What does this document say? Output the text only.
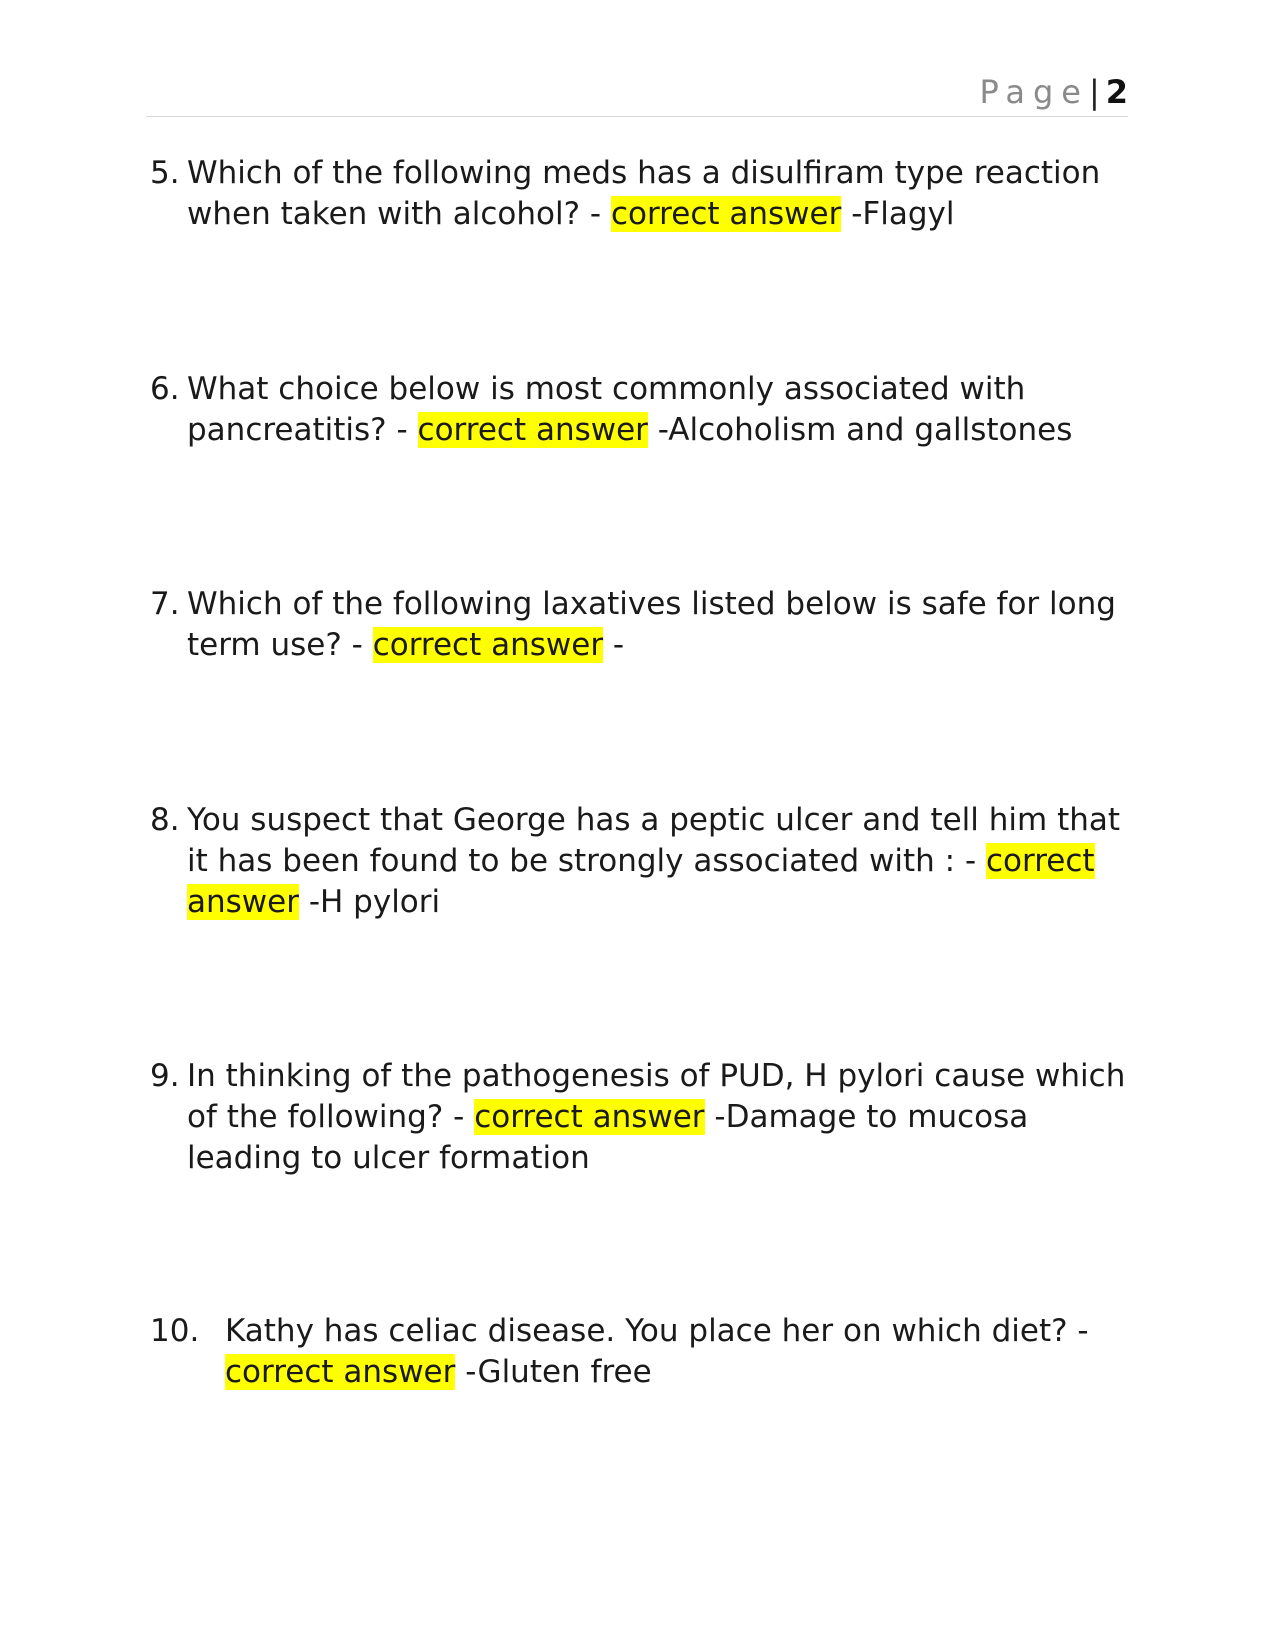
Page| 2
5. Which of the following meds has a disulfiram type reaction when taken with alcohol? - correct answer -Flagyl
6. What choice below is most commonly associated with pancreatitis? - correct answer -Alcoholism and gallstones
7. Which of the following laxatives listed below is safe for long term use? - correct answer -
8. You suspect that George has a peptic ulcer and tell him that it has been found to be strongly associated with : - correct answer -H pylori
9. In thinking of the pathogenesis of PUD, H pylori cause which of the following? - correct answer -Damage to mucosa leading to ulcer formation
10. Kathy has celiac disease. You place her on which diet? - correct answer -Gluten free
